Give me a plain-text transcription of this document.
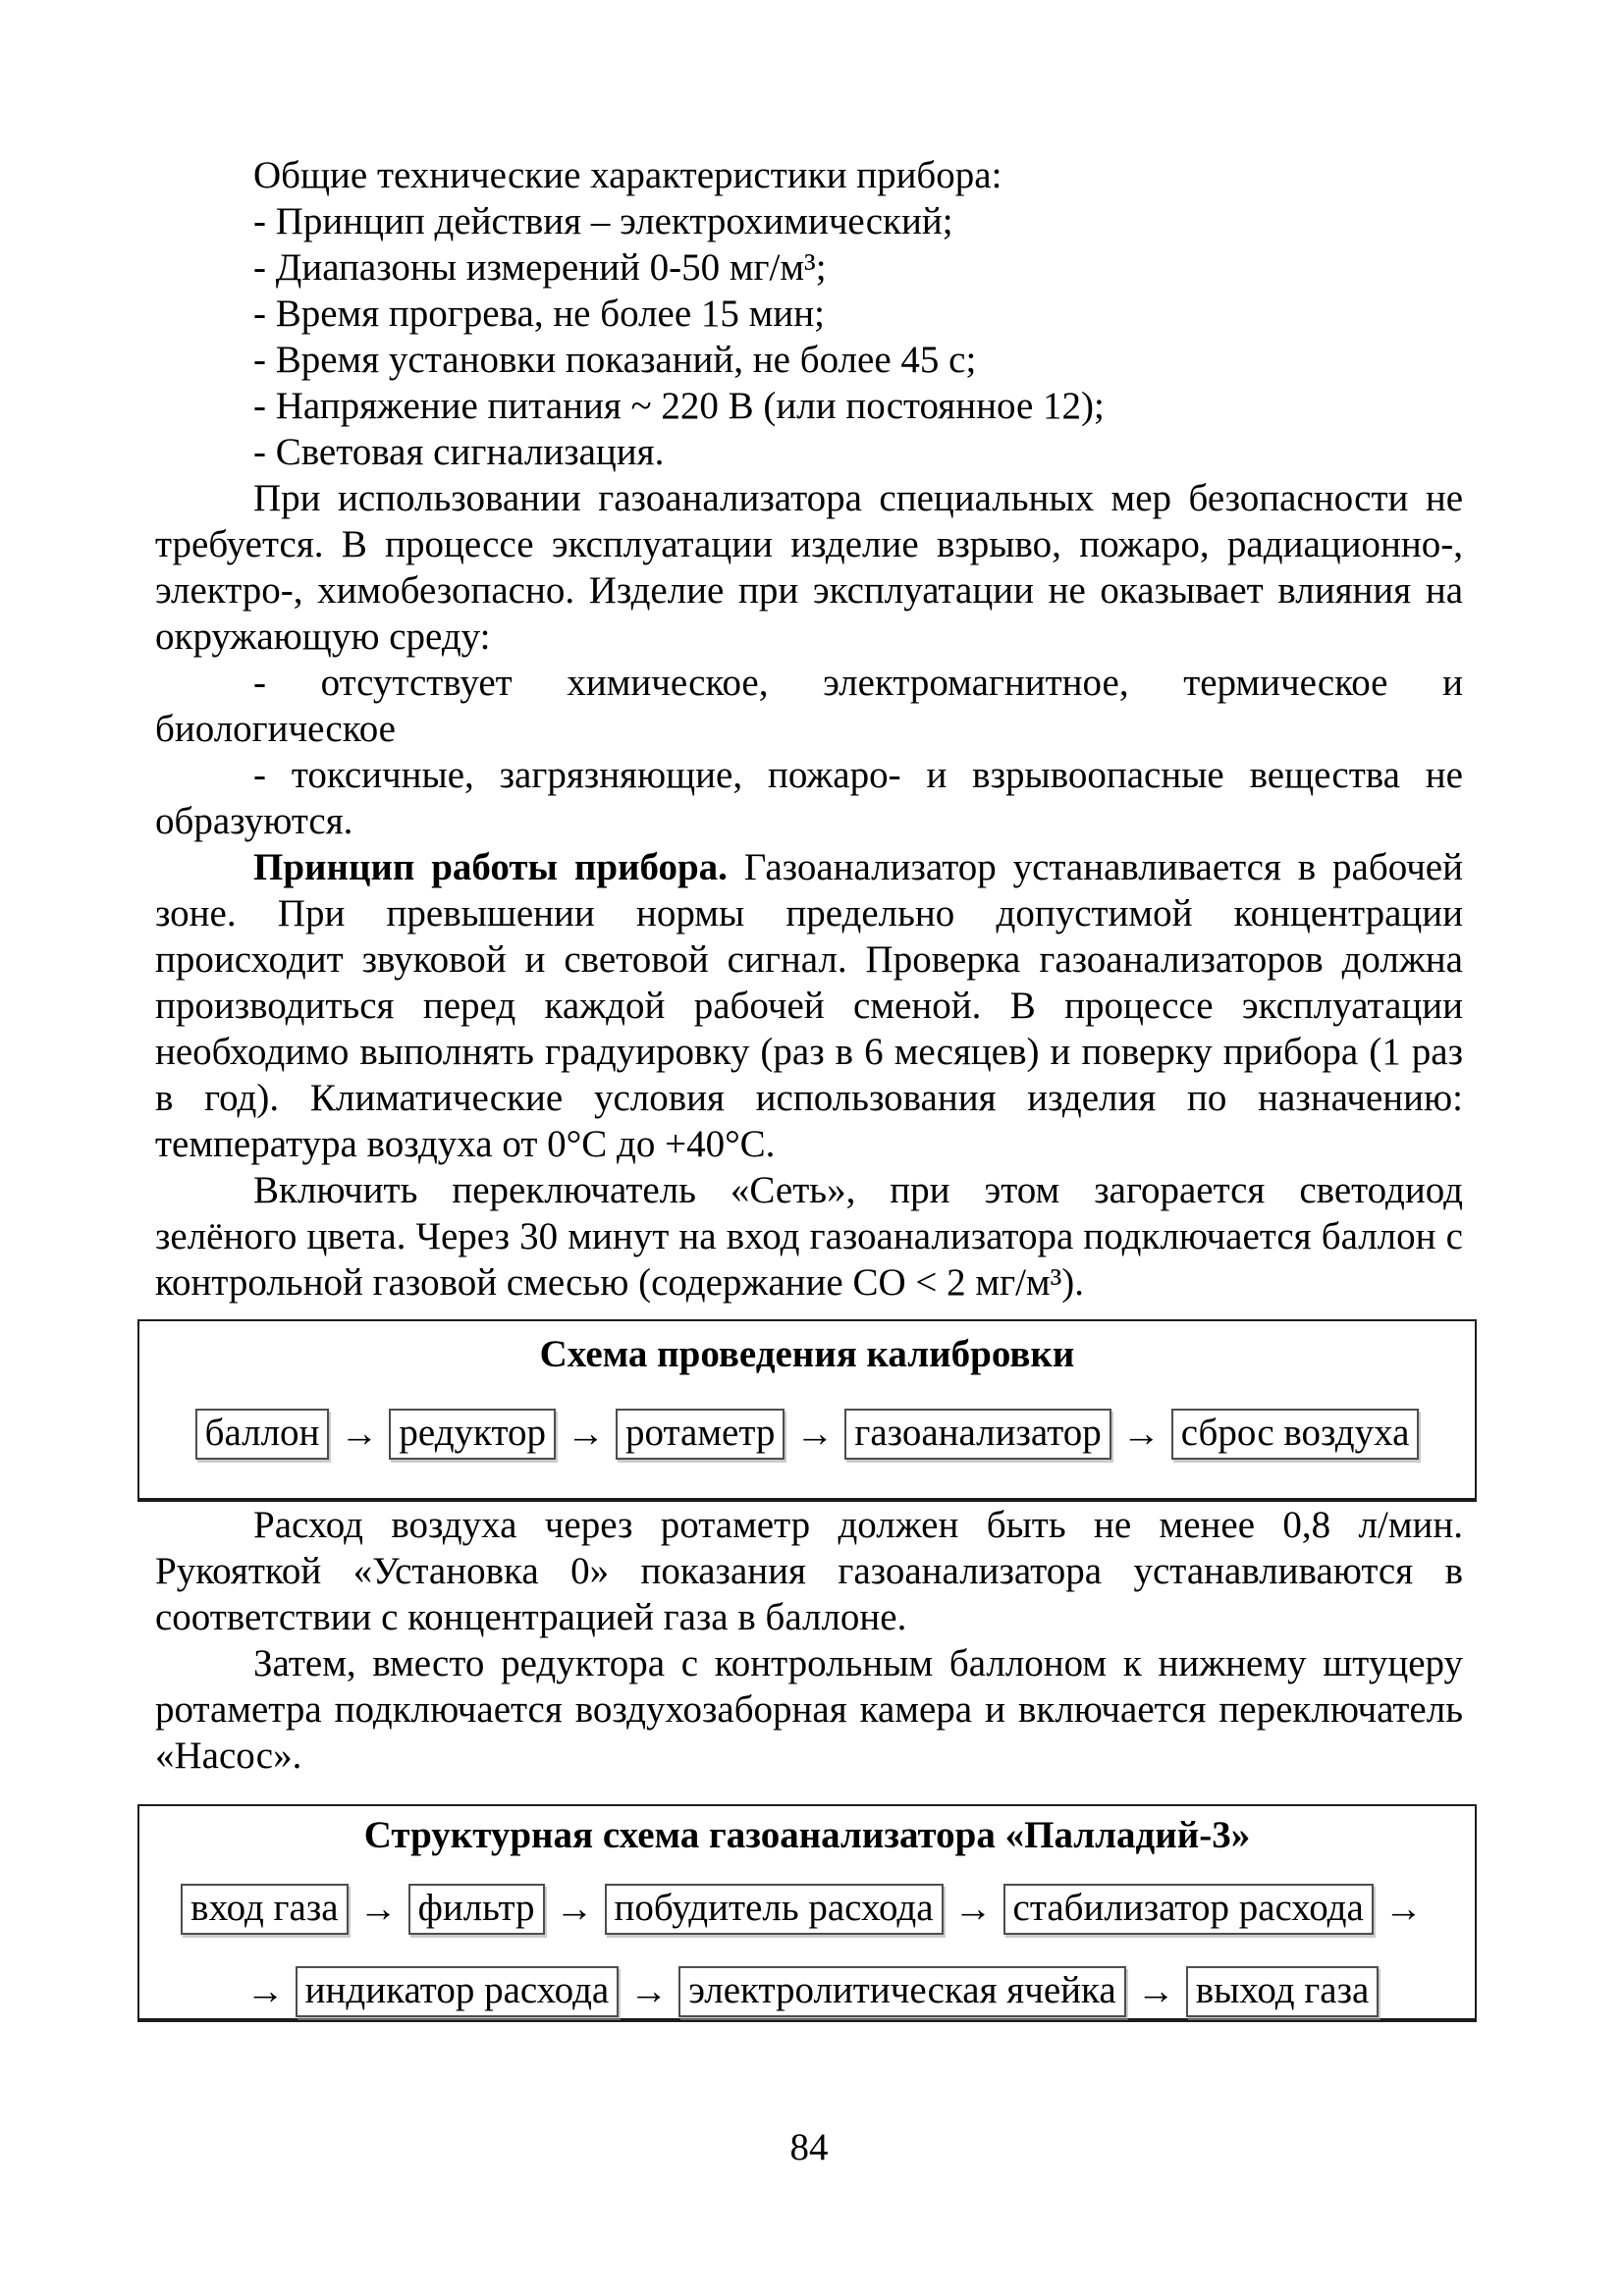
Общие технические характеристики прибора:
- Принцип действия – электрохимический;
- Диапазоны измерений 0-50 мг/м³;
- Время прогрева, не более 15 мин;
- Время установки показаний, не более 45 с;
- Напряжение питания ~ 220 В (или постоянное 12);
- Световая сигнализация.

При использовании газоанализатора специальных мер безопасности не требуется. В процессе эксплуатации изделие взрыво, пожаро, радиационно-, электро-, химобезопасно. Изделие при эксплуатации не оказывает влияния на окружающую среду:

- отсутствует химическое, электромагнитное, термическое и биологическое

- токсичные, загрязняющие, пожаро- и взрывоопасные вещества не образуются.

Принцип работы прибора. Газоанализатор устанавливается в рабочей зоне. При превышении нормы предельно допустимой концентрации происходит звуковой и световой сигнал. Проверка газоанализаторов должна производиться перед каждой рабочей сменой. В процессе эксплуатации необходимо выполнять градуировку (раз в 6 месяцев) и поверку прибора (1 раз в год). Климатические условия использования изделия по назначению: температура воздуха от 0°С до +40°С.

Включить переключатель «Сеть», при этом загорается светодиод зелёного цвета. Через 30 минут на вход газоанализатора подключается баллон с контрольной газовой смесью (содержание СО < 2 мг/м³).

Схема проведения калибровки
баллон → редуктор → ротаметр → газоанализатор → сброс воздуха

Расход воздуха через ротаметр должен быть не менее 0,8 л/мин. Рукояткой «Установка 0» показания газоанализатора устанавливаются в соответствии с концентрацией газа в баллоне.

Затем, вместо редуктора с контрольным баллоном к нижнему штуцеру ротаметра подключается воздухозаборная камера и включается переключатель «Насос».

Структурная схема газоанализатора «Палладий-3»
вход газа → фильтр → побудитель расхода → стабилизатор расхода →
→ индикатор расхода → электролитическая ячейка → выход газа
84
